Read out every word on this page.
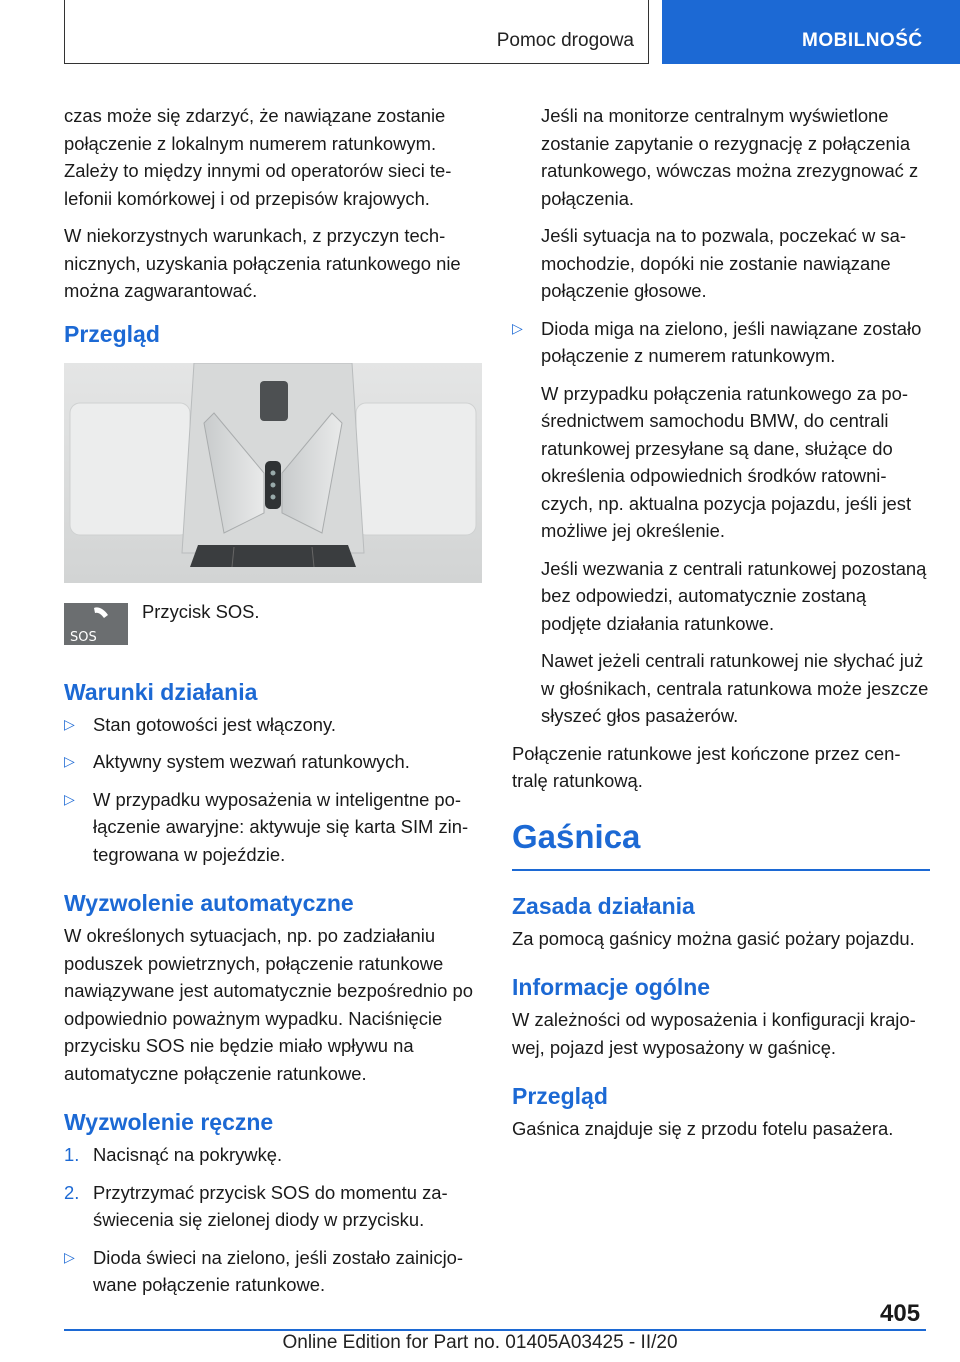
Pomoc drogowa	MOBILNOŚĆ

czas może się zdarzyć, że nawiązane zostanie połączenie z lokalnym numerem ratunkowym. Zależy to między innymi od operatorów sieci telefonii komórkowej i od przepisów krajowych.

W niekorzystnych warunkach, z przyczyn technicznych, uzyskania połączenia ratunkowego nie można zagwarantować.

Przegląd
SOS
Przycisk SOS.
Warunki działania
▷ Stan gotowości jest włączony.
▷ Aktywny system wezwań ratunkowych.
▷ W przypadku wyposażenia w inteligentne połączenie awaryjne: aktywuje się karta SIM zintegrowana w pojeździe.
Wyzwolenie automatyczne

W określonych sytuacjach, np. po zadziałaniu poduszek powietrznych, połączenie ratunkowe nawiązywane jest automatycznie bezpośrednio po odpowiednio poważnym wypadku. Naciśnięcie przycisku SOS nie będzie miało wpływu na automatyczne połączenie ratunkowe.

Wyzwolenie ręczne
1. Nacisnąć na pokrywkę.
2. Przytrzymać przycisk SOS do momentu zaświecenia się zielonej diody w przycisku.
▷ Dioda świeci na zielono, jeśli zostało zainicjowane połączenie ratunkowe.

Jeśli na monitorze centralnym wyświetlone zostanie zapytanie o rezygnację z połączenia ratunkowego, wówczas można zrezygnować z połączenia.

Jeśli sytuacja na to pozwala, poczekać w samochodzie, dopóki nie zostanie nawiązane połączenie głosowe.

▷ Dioda miga na zielono, jeśli nawiązane zostało połączenie z numerem ratunkowym.

W przypadku połączenia ratunkowego za pośrednictwem samochodu BMW, do centrali ratunkowej przesyłane są dane, służące do określenia odpowiednich środków ratowniczych, np. aktualna pozycja pojazdu, jeśli jest możliwe jej określenie.

Jeśli wezwania z centrali ratunkowej pozostaną bez odpowiedzi, automatycznie zostaną podjęte działania ratunkowe.

Nawet jeżeli centrali ratunkowej nie słychać już w głośnikach, centrala ratunkowa może jeszcze słyszeć głos pasażerów.

Połączenie ratunkowe jest kończone przez centralę ratunkową.

Gaśnica
Zasada działania

Za pomocą gaśnicy można gasić pożary pojazdu.

Informacje ogólne

W zależności od wyposażenia i konfiguracji krajowej, pojazd jest wyposażony w gaśnicę.

Przegląd

Gaśnica znajduje się z przodu fotelu pasażera.

405
Online Edition for Part no. 01405A03425 - II/20
